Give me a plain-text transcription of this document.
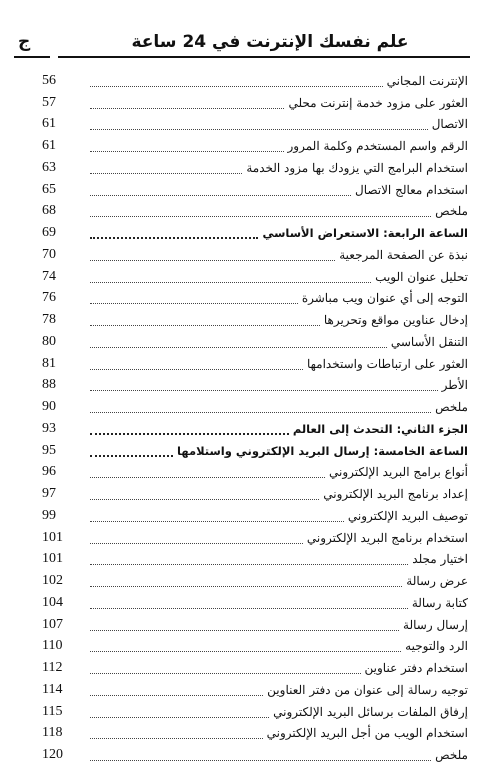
ج	علم نفسك الإنترنت في 24 ساعة
56	الإنترنت المجاني
57	العثور على مزود خدمة إنترنت محلي
61	الاتصال
61	الرقم واسم المستخدم وكلمة المرور
63	استخدام البرامج التي يزودك بها مزود الخدمة
65	استخدام معالج الاتصال
68	ملخص
69	الساعة الرابعة: الاستعراض الأساسي
70	نبذة عن الصفحة المرجعية
74	تحليل عنوان الويب
76	التوجه إلى أي عنوان ويب مباشرة
78	إدخال عناوين مواقع وتحريرها
80	التنقل الأساسي
81	العثور على ارتباطات واستخدامها
88	الأطر
90	ملخص
93	الجزء الثاني: التحدث إلى العالم
95	الساعة الخامسة: إرسال البريد الإلكتروني واستلامها
96	أنواع برامج البريد الإلكتروني
97	إعداد برنامج البريد الإلكتروني
99	توصيف البريد الإلكتروني
101	استخدام برنامج البريد الإلكتروني
101	اختيار مجلد
102	عرض رسالة
104	كتابة رسالة
107	إرسال رسالة
110	الرد والتوجيه
112	استخدام دفتر عناوين
114	توجيه رسالة إلى عنوان من دفتر العناوين
115	إرفاق الملفات برسائل البريد الإلكتروني
118	استخدام الويب من أجل البريد الإلكتروني
120	ملخص
